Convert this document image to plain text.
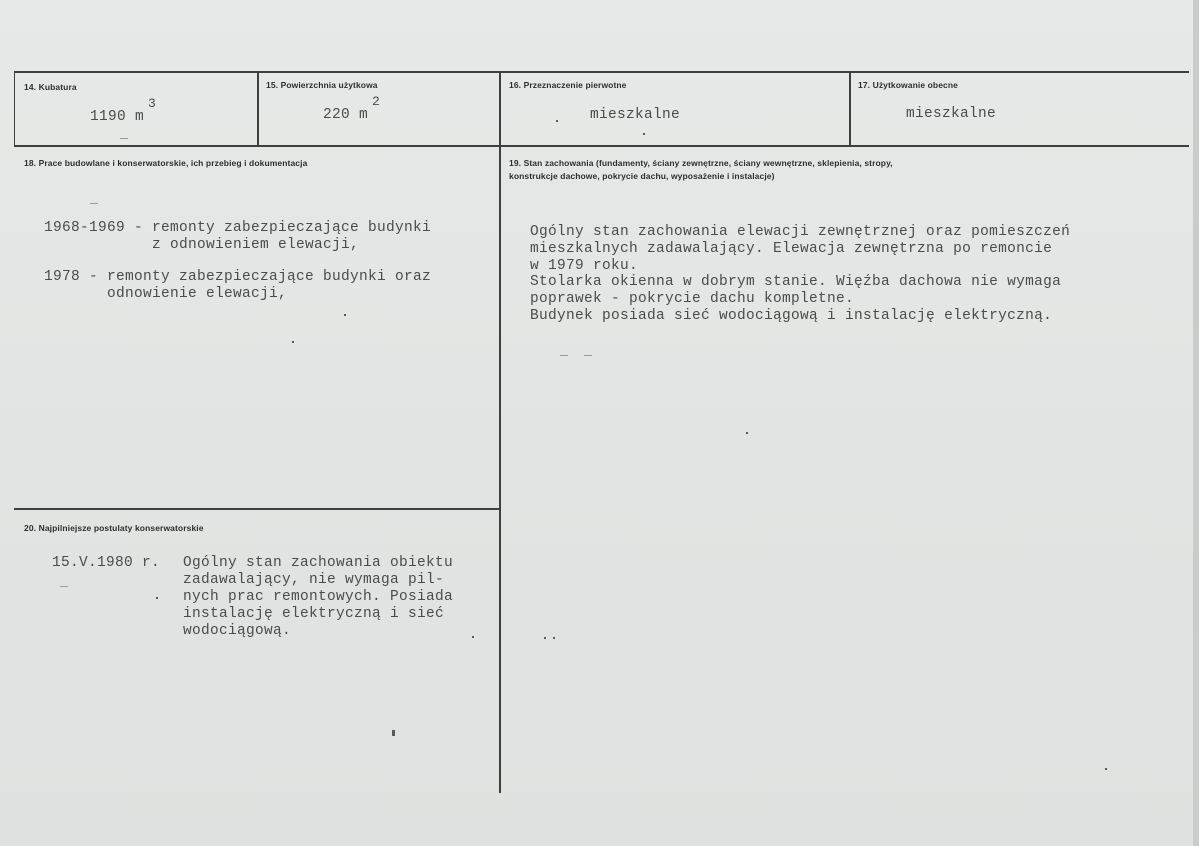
14. Kubatura	15. Powierzchnia użytkowa	16. Przeznaczenie pierwotne	17. Użytkowanie obecne
1190 m
3
220 m
2
mieszkalne	mieszkalne
18. Prace budowlane i konserwatorskie, ich przebieg i dokumentacja
1968-1969 - remonty zabezpieczające budynki
z odnowieniem elewacji,
1978 - remonty zabezpieczające budynki oraz
odnowienie elewacji,
19. Stan zachowania (fundamenty, ściany zewnętrzne, ściany wewnętrzne, sklepienia, stropy,
konstrukcje dachowe, pokrycie dachu, wyposażenie i instalacje)
Ogólny stan zachowania elewacji zewnętrznej oraz pomieszczeń
mieszkalnych zadawalający. Elewacja zewnętrzna po remoncie
w 1979 roku.
Stolarka okienna w dobrym stanie. Więźba dachowa nie wymaga
poprawek - pokrycie dachu kompletne.
Budynek posiada sieć wodociągową i instalację elektryczną.
20. Najpilniejsze postulaty konserwatorskie
15.V.1980 r. Ogólny stan zachowania obiektu
zadawalający, nie wymaga pil-
nych prac remontowych. Posiada
instalację elektryczną i sieć
wodociągową.
